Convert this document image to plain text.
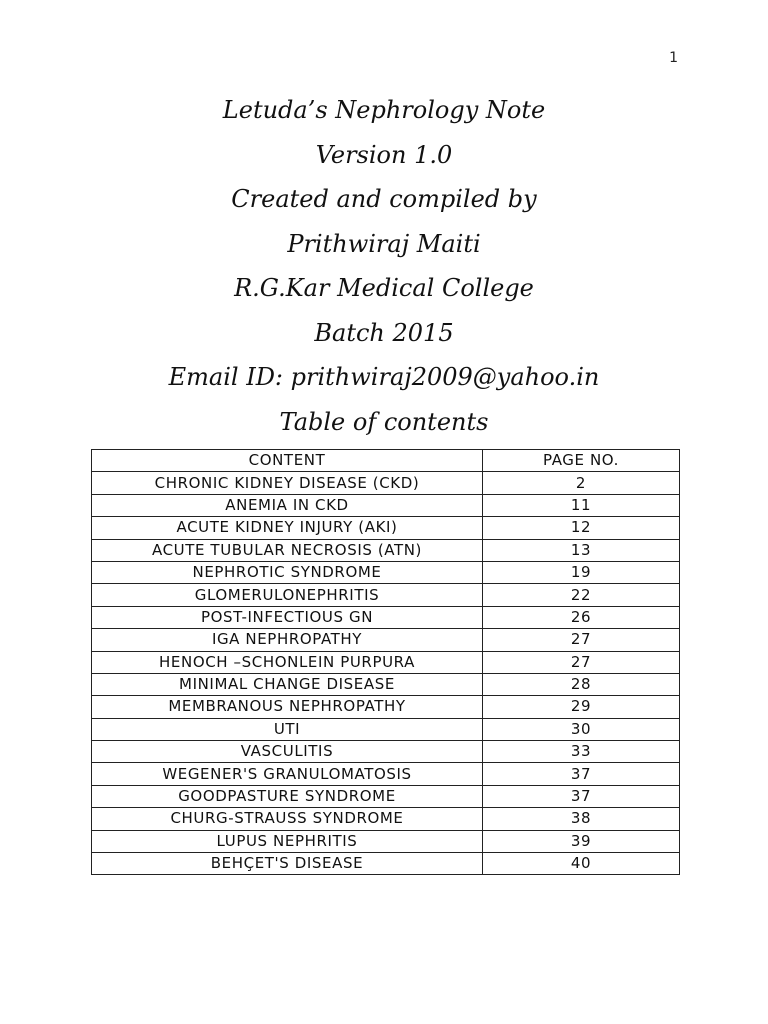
1
Letuda’s Nephrology Note
Version 1.0
Created and compiled by
Prithwiraj Maiti
R.G.Kar Medical College
Batch 2015
Email ID: prithwiraj2009@yahoo.in
Table of contents
CONTENT	PAGE NO.
CHRONIC KIDNEY DISEASE (CKD)	2
ANEMIA IN CKD	11
ACUTE KIDNEY INJURY (AKI)	12
ACUTE TUBULAR NECROSIS (ATN)	13
NEPHROTIC SYNDROME	19
GLOMERULONEPHRITIS	22
POST-INFECTIOUS GN	26
IGA NEPHROPATHY	27
HENOCH –SCHONLEIN PURPURA	27
MINIMAL CHANGE DISEASE	28
MEMBRANOUS NEPHROPATHY	29
UTI	30
VASCULITIS	33
WEGENER'S GRANULOMATOSIS	37
GOODPASTURE SYNDROME	37
CHURG-STRAUSS SYNDROME	38
LUPUS NEPHRITIS	39
BEHÇET'S DISEASE	40
